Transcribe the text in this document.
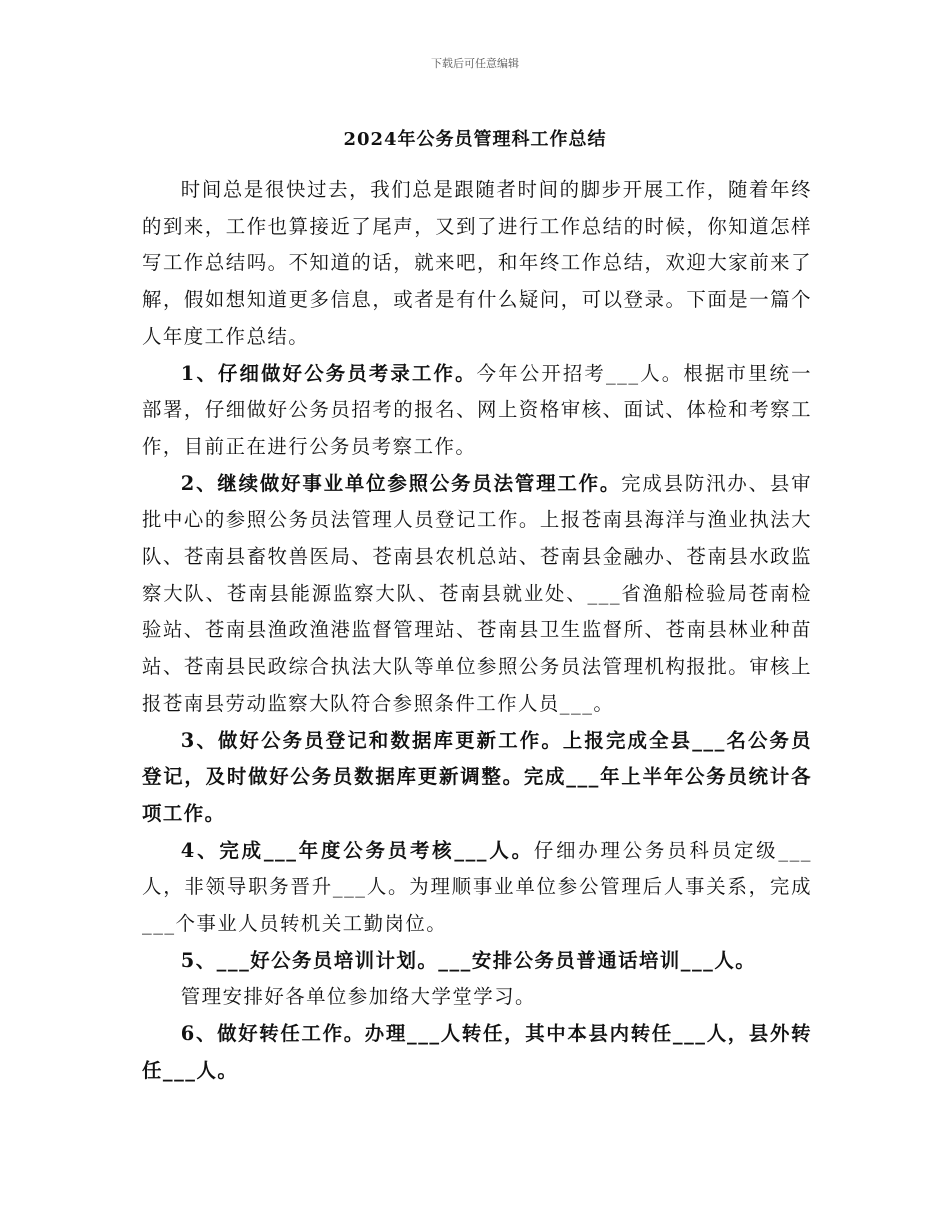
下载后可任意编辑
2024年公务员管理科工作总结

时间总是很快过去，我们总是跟随者时间的脚步开展工作，随着年终的到来，工作也算接近了尾声，又到了进行工作总结的时候，你知道怎样写工作总结吗。不知道的话，就来吧，和年终工作总结，欢迎大家前来了解，假如想知道更多信息，或者是有什么疑问，可以登录。下面是一篇个人年度工作总结。

1、仔细做好公务员考录工作。今年公开招考___人。根据市里统一部署，仔细做好公务员招考的报名、网上资格审核、面试、体检和考察工作，目前正在进行公务员考察工作。

2、继续做好事业单位参照公务员法管理工作。完成县防汛办、县审批中心的参照公务员法管理人员登记工作。上报苍南县海洋与渔业执法大队、苍南县畜牧兽医局、苍南县农机总站、苍南县金融办、苍南县水政监察大队、苍南县能源监察大队、苍南县就业处、___省渔船检验局苍南检验站、苍南县渔政渔港监督管理站、苍南县卫生监督所、苍南县林业种苗站、苍南县民政综合执法大队等单位参照公务员法管理机构报批。审核上报苍南县劳动监察大队符合参照条件工作人员___。

3、做好公务员登记和数据库更新工作。上报完成全县___名公务员登记，及时做好公务员数据库更新调整。完成___年上半年公务员统计各项工作。

4、完成___年度公务员考核___人。仔细办理公务员科员定级___人，非领导职务晋升___人。为理顺事业单位参公管理后人事关系，完成___个事业人员转机关工勤岗位。

5、___好公务员培训计划。___安排公务员普通话培训___人。

管理安排好各单位参加络大学堂学习。

6、做好转任工作。办理___人转任，其中本县内转任___人，县外转任___人。
